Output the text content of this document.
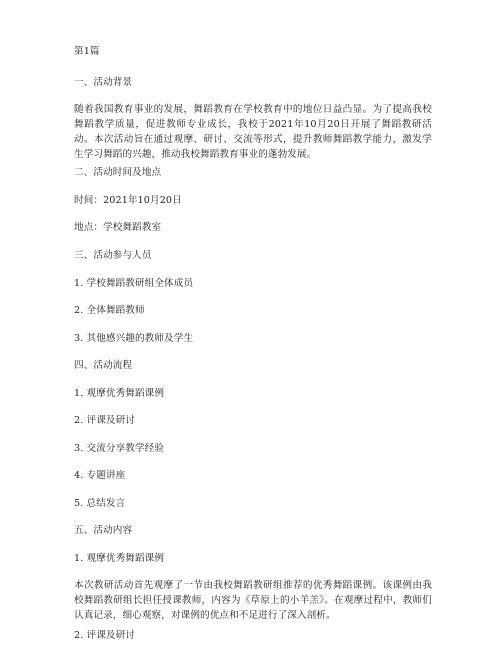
第1篇
一、活动背景
随着我国教育事业的发展，舞蹈教育在学校教育中的地位日益凸显。为了提高我校舞蹈教学质量，促进教师专业成长，我校于2021年10月20日开展了舞蹈教研活动。本次活动旨在通过观摩、研讨、交流等形式，提升教师舞蹈教学能力，激发学生学习舞蹈的兴趣，推动我校舞蹈教育事业的蓬勃发展。
二、活动时间及地点
时间：2021年10月20日
地点：学校舞蹈教室
三、活动参与人员
1. 学校舞蹈教研组全体成员
2. 全体舞蹈教师
3. 其他感兴趣的教师及学生
四、活动流程
1. 观摩优秀舞蹈课例
2. 评课及研讨
3. 交流分享教学经验
4. 专题讲座
5. 总结发言
五、活动内容
1. 观摩优秀舞蹈课例
本次教研活动首先观摩了一节由我校舞蹈教研组推荐的优秀舞蹈课例。该课例由我校舞蹈教研组长担任授课教师，内容为《草原上的小羊羔》。在观摩过程中，教师们认真记录，细心观察，对课例的优点和不足进行了深入剖析。
2. 评课及研讨
